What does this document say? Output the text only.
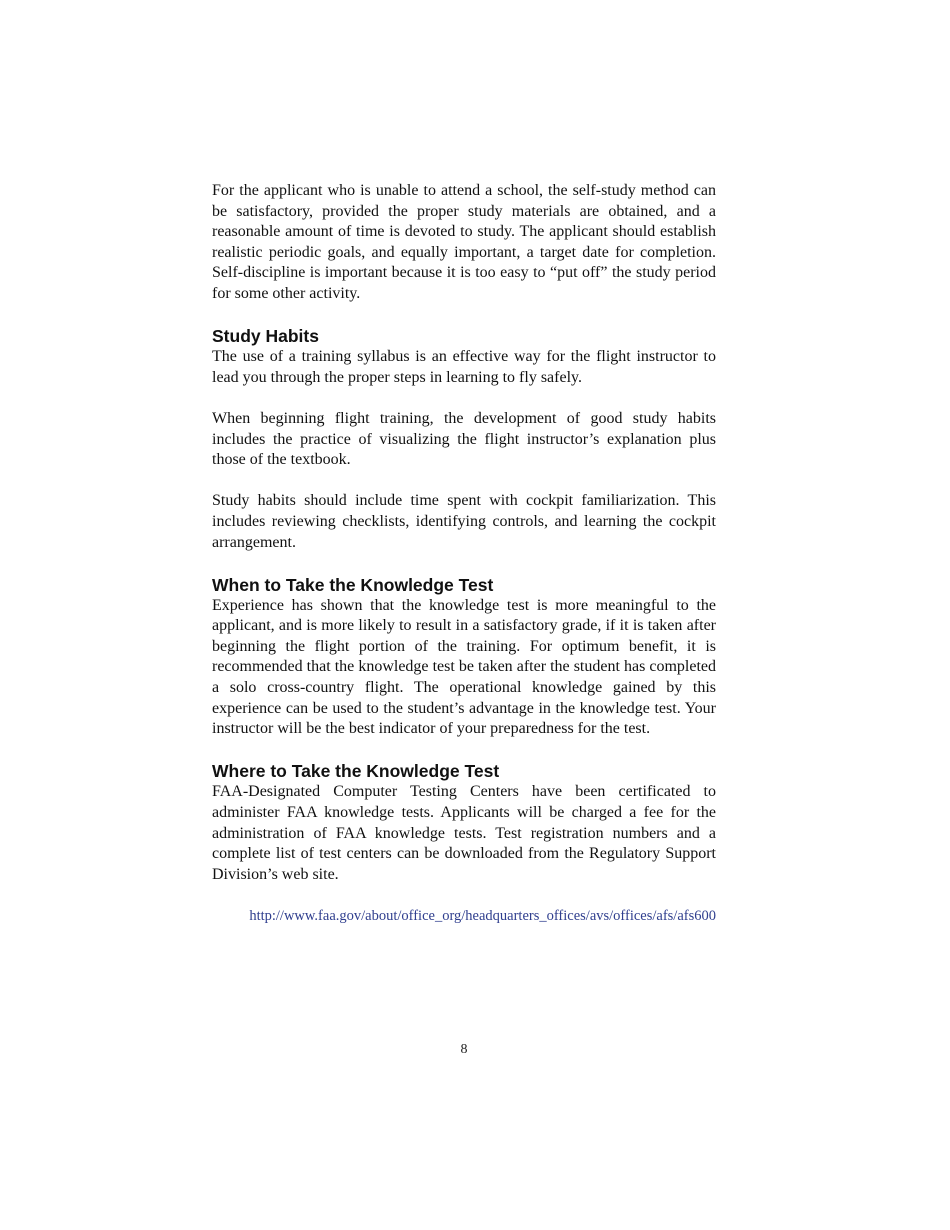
For the applicant who is unable to attend a school, the self-study method can be satisfactory, provided the proper study materials are obtained, and a reasonable amount of time is devoted to study. The applicant should establish realistic periodic goals, and equally important, a target date for completion. Self-discipline is important because it is too easy to “put off” the study period for some other activity.

Study Habits

The use of a training syllabus is an effective way for the flight instructor to lead you through the proper steps in learning to fly safely.

When beginning flight training, the development of good study habits includes the practice of visualizing the flight instructor’s explanation plus those of the textbook.

Study habits should include time spent with cockpit familiarization. This includes reviewing checklists, identifying controls, and learning the cockpit arrangement.

When to Take the Knowledge Test

Experience has shown that the knowledge test is more meaningful to the applicant, and is more likely to result in a satisfactory grade, if it is taken after beginning the flight portion of the training. For optimum benefit, it is recommended that the knowledge test be taken after the student has completed a solo cross-country flight. The operational knowledge gained by this experience can be used to the student’s advantage in the knowledge test. Your instructor will be the best indicator of your preparedness for the test.

Where to Take the Knowledge Test

FAA-Designated Computer Testing Centers have been certificated to administer FAA knowledge tests. Applicants will be charged a fee for the administration of FAA knowledge tests. Test registration numbers and a complete list of test centers can be downloaded from the Regulatory Support Division’s web site.

http://www.faa.gov/about/office_org/headquarters_offices/avs/offices/afs/afs600
8
